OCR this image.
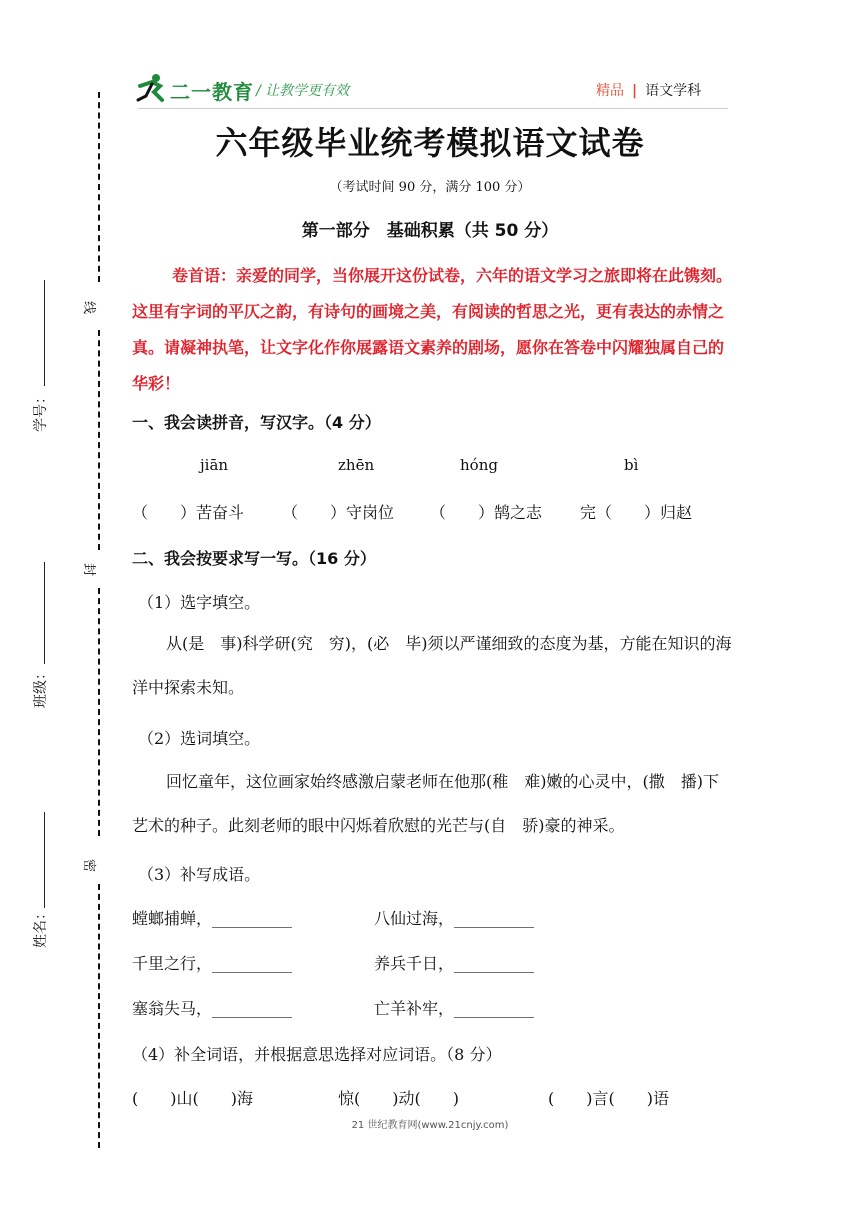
线
封
密
学号：
班级：
姓名：
二一教育 / 让教学更有效	精品 | 语文学科
六年级毕业统考模拟语文试卷
（考试时间 90 分，满分 100 分）
第一部分　基础积累（共 50 分）
卷首语：亲爱的同学，当你展开这份试卷，六年的语文学习之旅即将在此镌刻。这里有字词的平仄之韵，有诗句的画境之美，有阅读的哲思之光，更有表达的赤情之真。请凝神执笔，让文字化作你展露语文素养的剧场，愿你在答卷中闪耀独属自己的华彩！
一、我会读拼音，写汉字。（4 分）
jiān	zhēn	hóng	bì
（　　）苦奋斗 （　　）守岗位 （　　）鹄之志 完（　　）归赵
二、我会按要求写一写。（16 分）
（1）选字填空。
从(是　事)科学研(究　穷)，(必　毕)须以严谨细致的态度为基，方能在知识的海洋中探索未知。
（2）选词填空。
回忆童年，这位画家始终感激启蒙老师在他那(稚　难)嫩的心灵中，(撒　播)下艺术的种子。此刻老师的眼中闪烁着欣慰的光芒与(自　骄)豪的神采。
（3）补写成语。
螳螂捕蝉，__________	八仙过海，__________
千里之行，__________	养兵千日，__________
塞翁失马，__________	亡羊补牢，__________
（4）补全词语，并根据意思选择对应词语。（8 分）
(　　)山(　　)海	惊(　　)动(　　)	(　　)言(　　)语
21 世纪教育网(www.21cnjy.com)
